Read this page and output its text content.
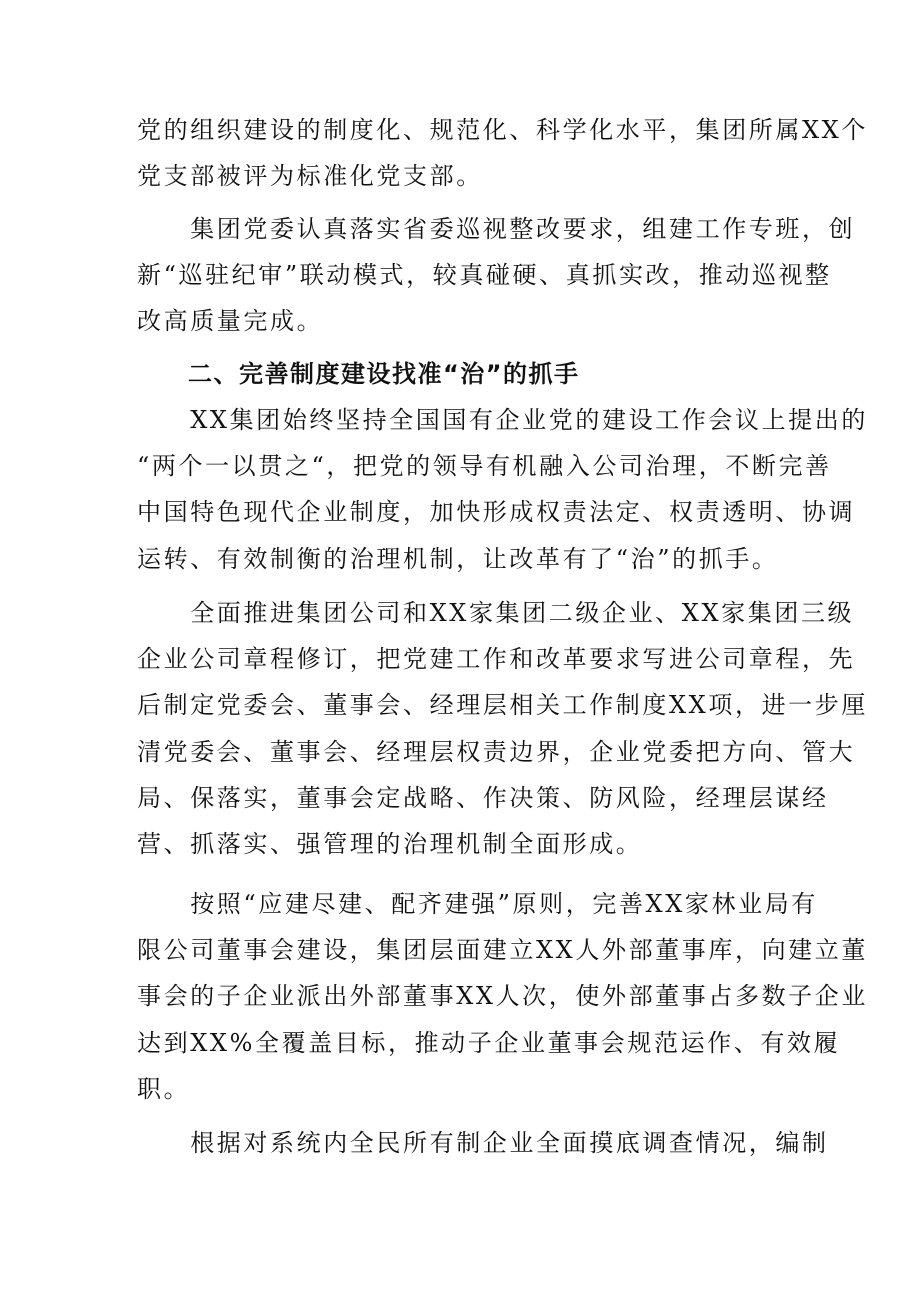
党的组织建设的制度化、规范化、科学化水平，集团所属XX个
党支部被评为标准化党支部。
　　集团党委认真落实省委巡视整改要求，组建工作专班，创
新“巡驻纪审”联动模式，较真碰硬、真抓实改，推动巡视整
改高质量完成。
　　二、完善制度建设找准“治”的抓手
　　XX集团始终坚持全国国有企业党的建设工作会议上提出的
“两个一以贯之“，把党的领导有机融入公司治理，不断完善
中国特色现代企业制度，加快形成权责法定、权责透明、协调
运转、有效制衡的治理机制，让改革有了“治”的抓手。
　　全面推进集团公司和XX家集团二级企业、XX家集团三级
企业公司章程修订，把党建工作和改革要求写进公司章程，先
后制定党委会、董事会、经理层相关工作制度XX项，进一步厘
清党委会、董事会、经理层权责边界，企业党委把方向、管大
局、保落实，董事会定战略、作决策、防风险，经理层谋经
营、抓落实、强管理的治理机制全面形成。
　　按照“应建尽建、配齐建强”原则，完善XX家林业局有
限公司董事会建设，集团层面建立XX人外部董事库，向建立董
事会的子企业派出外部董事XX人次，使外部董事占多数子企业
达到XX%全覆盖目标，推动子企业董事会规范运作、有效履
职。
　　根据对系统内全民所有制企业全面摸底调查情况，编制
